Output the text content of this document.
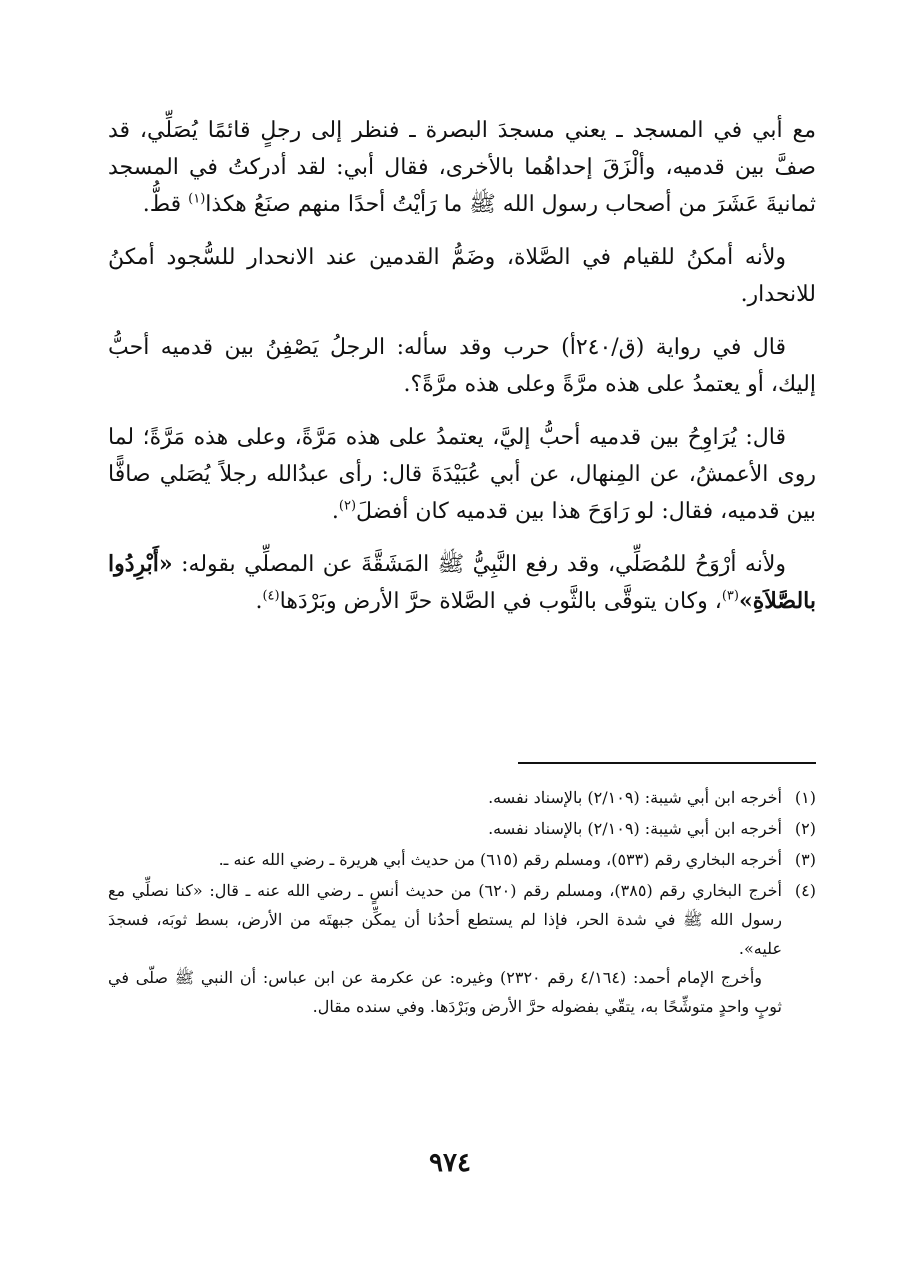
مع أبي في المسجد ـ يعني مسجدَ البصرة ـ فنظر إلى رجلٍ قائمًا يُصَلِّي، قد صفَّ بين قدميه، وألْزَقَ إحداهُما بالأخرى، فقال أبي: لقد أدركتُ في المسجد ثمانيةَ عَشَرَ من أصحاب رسول الله ﷺ ما رَأيْتُ أحدًا منهم صنَعُ هكذا$^{(١)}$ قطُّ.

ولأنه أمكنُ للقيام في الصَّلاة، وضَمُّ القدمين عند الانحدار للسُّجود أمكنُ للانحدار.

قال في رواية (ق/٢٤٠أ) حرب وقد سأله: الرجلُ يَصْفِنُ بين قدميه أحبُّ إليك، أو يعتمدُ على هذه مرَّةً وعلى هذه مرَّةً؟.

قال: يُرَاوِحُ بين قدميه أحبُّ إليَّ، يعتمدُ على هذه مَرَّةً، وعلى هذه مَرَّةً؛ لما روى الأعمشُ، عن المِنهال، عن أبي عُبَيْدَةَ قال: رأى عبدُالله رجلاً يُصَلي صافًّا بين قدميه، فقال: لو رَاوَحَ هذا بين قدميه كان أفضلَ$^{(٢)}$.

ولأنه أرْوَحُ للمُصَلِّي، وقد رفع النَّبِيُّ ﷺ المَشَقَّةَ عن المصلِّي بقوله: «أَبْرِدُوا بالصَّلاَةِ»$^{(٣)}$، وكان يتوقَّى بالثَّوب في الصَّلاة حرَّ الأرض وبَرْدَها$^{(٤)}$.

(١)

أخرجه ابن أبي شيبة: (٢/١٠٩) بالإسناد نفسه.

(٢)

أخرجه ابن أبي شيبة: (٢/١٠٩) بالإسناد نفسه.

(٣)

أخرجه البخاري رقم (٥٣٣)، ومسلم رقم (٦١٥) من حديث أبي هريرة ـ رضي الله عنه ـ.

(٤)

أخرج البخاري رقم (٣٨٥)، ومسلم رقم (٦٢٠) من حديث أنسٍ ـ رضي الله عنه ـ قال: «كنا نصلِّي مع رسول الله ﷺ في شدة الحر، فإذا لم يستطع أحدُنا أن يمكِّن جبهتَه من الأرض، بسط ثوبَه، فسجدَ عليه».

وأخرج الإمام أحمد: (٤/١٦٤ رقم ٢٣٢٠) وغيره: عن عكرمة عن ابن عباس: أن النبي ﷺ صلّى في ثوبٍ واحدٍ متوشِّحًا به، يتقّي بفضوله حرَّ الأرض وبَرْدَها. وفي سنده مقال.

٩٧٤
